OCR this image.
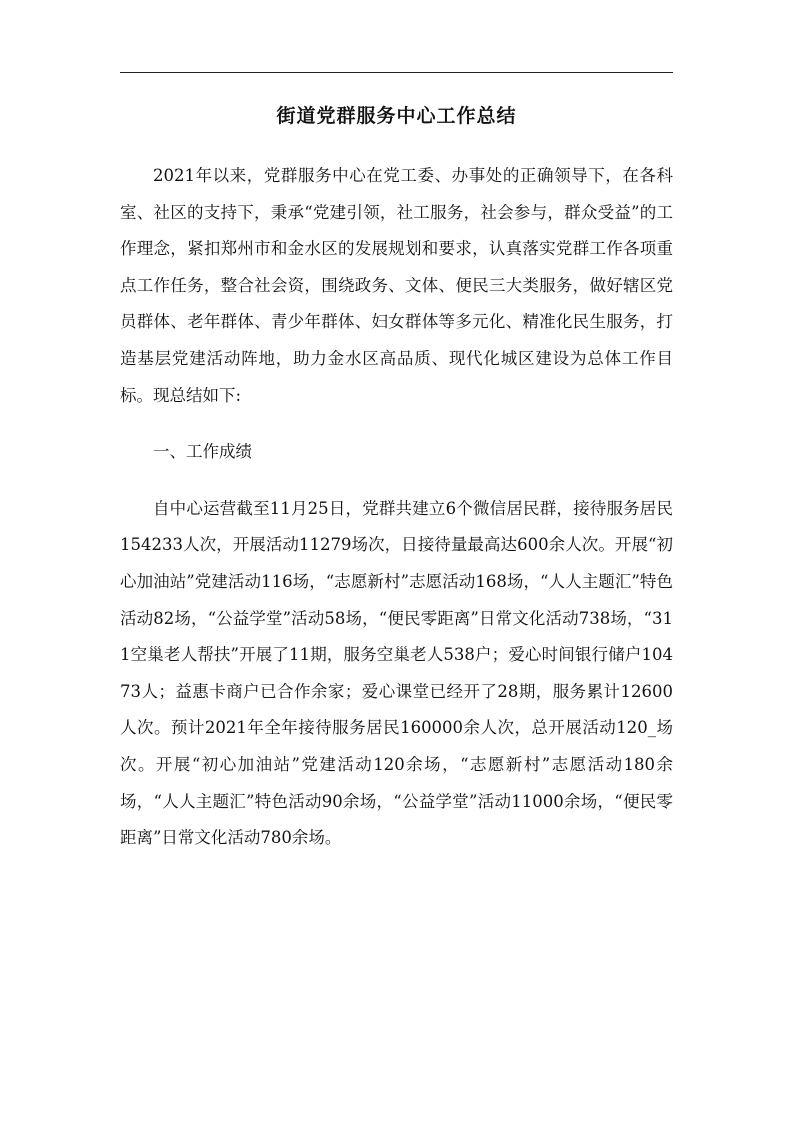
街道党群服务中心工作总结

2021年以来，党群服务中心在党工委、办事处的正确领导下，在各科室、社区的支持下，秉承“党建引领，社工服务，社会参与，群众受益”的工作理念，紧扣郑州市和金水区的发展规划和要求，认真落实党群工作各项重点工作任务，整合社会资，围绕政务、文体、便民三大类服务，做好辖区党员群体、老年群体、青少年群体、妇女群体等多元化、精准化民生服务，打造基层党建活动阵地，助力金水区高品质、现代化城区建设为总体工作目标。现总结如下:

一、工作成绩

自中心运营截至11月25日，党群共建立6个微信居民群，接待服务居民154233人次，开展活动11279场次，日接待量最高达600余人次。开展“初心加油站”党建活动116场，“志愿新村”志愿活动168场，“人人主题汇”特色活动82场，“公益学堂”活动58场，“便民零距离”日常文化活动738场，“311空巢老人帮扶”开展了11期，服务空巢老人538户；爱心时间银行储户10473人；益惠卡商户已合作余家；爱心课堂已经开了28期，服务累计12600人次。预计2021年全年接待服务居民160000余人次，总开展活动120_场次。开展“初心加油站”党建活动120余场，“志愿新村”志愿活动180余场，“人人主题汇”特色活动90余场，“公益学堂”活动11000余场，“便民零距离”日常文化活动780余场。
